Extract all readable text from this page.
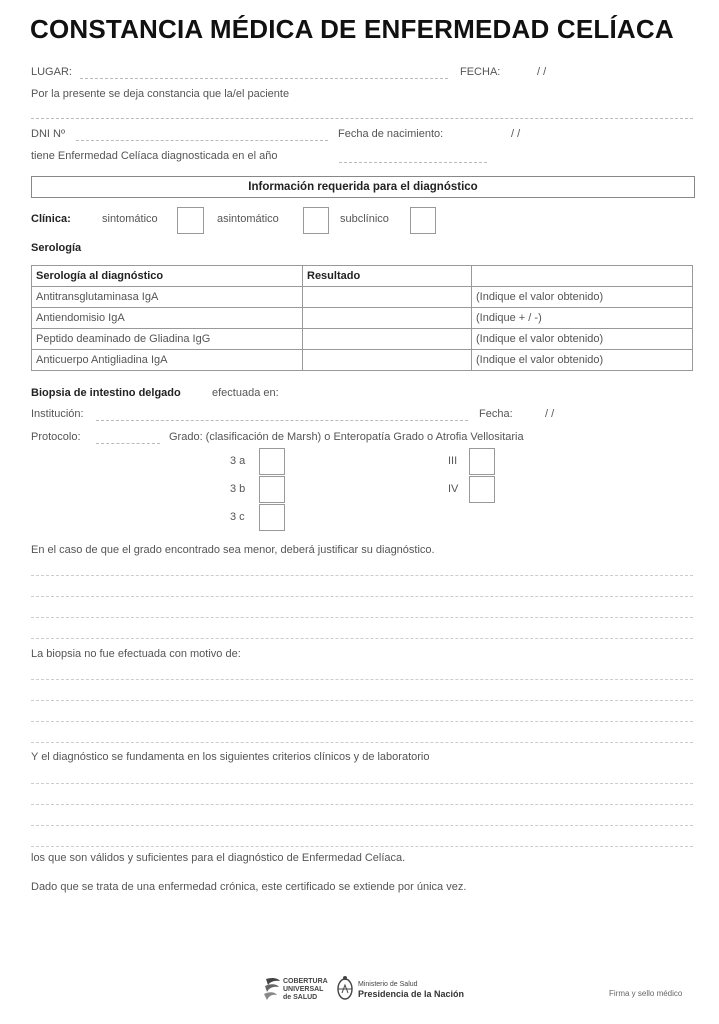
CONSTANCIA MÉDICA DE ENFERMEDAD CELÍACA
LUGAR:	FECHA:	/ /
Por la presente se deja constancia que la/el paciente
DNI Nº	Fecha de nacimiento:	/ /
tiene Enfermedad Celíaca diagnosticada en el año
Información requerida para el diagnóstico
Clínica:	sintomático	asintomático	subclínico
Serología
Serología al diagnóstico	Resultado	
Antitransglutaminasa IgA		(Indique el valor obtenido)
Antiendomisio IgA		(Indique + / -)
Peptido deaminado de Gliadina IgG		(Indique el valor obtenido)
Anticuerpo Antigliadina IgA		(Indique el valor obtenido)
Biopsia de intestino delgado	efectuada en:
Institución:	Fecha:	/ /
Protocolo:	Grado: (clasificación de Marsh) o Enteropatía Grado o Atrofia Vellositaria
3 a
3 b
3 c
III
IV
En el caso de que el grado encontrado sea menor, deberá justificar su diagnóstico.
La biopsia no fue efectuada con motivo de:
Y el diagnóstico se fundamenta en los siguientes criterios clínicos y de laboratorio
los que son válidos y suficientes para el diagnóstico de Enfermedad Celíaca.
Dado que se trata de una enfermedad crónica, este certificado se extiende por única vez.
COBERTURA
UNIVERSAL
de SALUD
Ministerio de Salud
Presidencia de la Nación	Firma y sello médico
